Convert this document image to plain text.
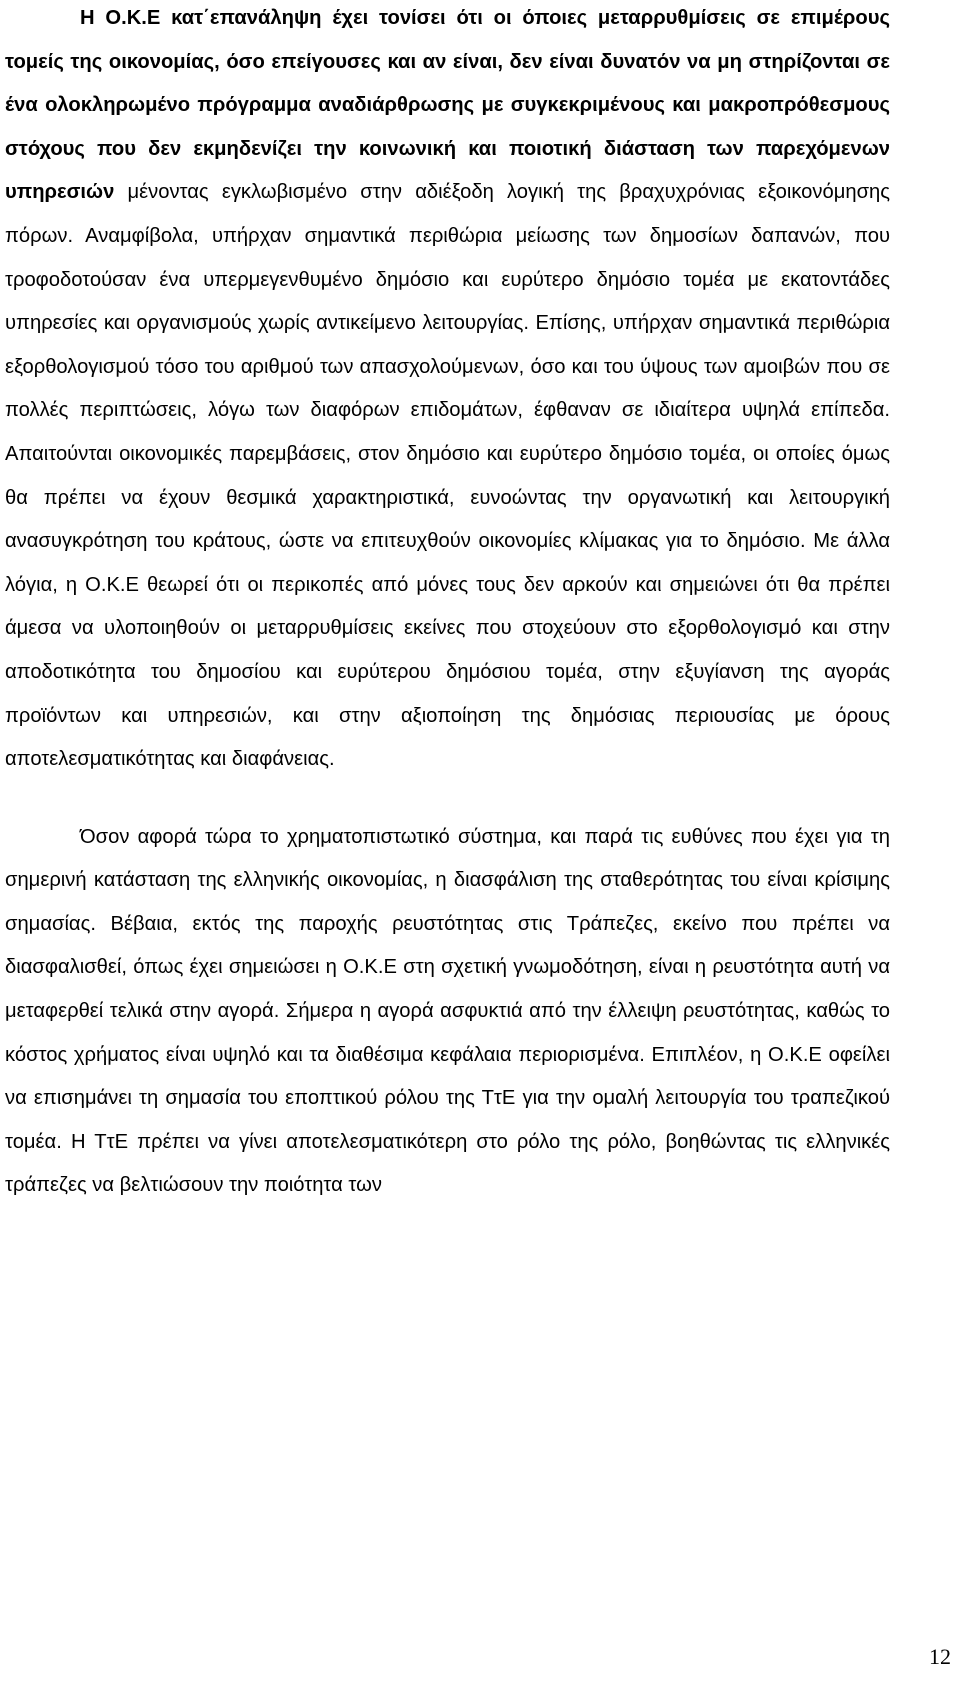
Η Ο.Κ.Ε κατ΄επανάληψη έχει τονίσει ότι οι όποιες μεταρρυθμίσεις σε επιμέρους τομείς της οικονομίας, όσο επείγουσες και αν είναι, δεν είναι δυνατόν να μη στηρίζονται σε ένα ολοκληρωμένο πρόγραμμα αναδιάρθρωσης με συγκεκριμένους και μακροπρόθεσμους στόχους που δεν εκμηδενίζει την κοινωνική και ποιοτική διάσταση των παρεχόμενων υπηρεσιών μένοντας εγκλωβισμένο στην αδιέξοδη λογική της βραχυχρόνιας εξοικονόμησης πόρων. Αναμφίβολα, υπήρχαν σημαντικά περιθώρια μείωσης των δημοσίων δαπανών, που τροφοδοτούσαν ένα υπερμεγενθυμένο δημόσιο και ευρύτερο δημόσιο τομέα με εκατοντάδες υπηρεσίες και οργανισμούς χωρίς αντικείμενο λειτουργίας. Επίσης, υπήρχαν σημαντικά περιθώρια εξορθολογισμού τόσο του αριθμού των απασχολούμενων, όσο και του ύψους των αμοιβών που σε πολλές περιπτώσεις, λόγω των διαφόρων επιδομάτων, έφθαναν σε ιδιαίτερα υψηλά επίπεδα. Απαιτούνται οικονομικές παρεμβάσεις, στον δημόσιο και ευρύτερο δημόσιο τομέα, οι οποίες όμως θα πρέπει να έχουν θεσμικά χαρακτηριστικά, ευνοώντας την οργανωτική και λειτουργική ανασυγκρότηση του κράτους, ώστε να επιτευχθούν οικονομίες κλίμακας για το δημόσιο. Με άλλα λόγια, η Ο.Κ.Ε θεωρεί ότι οι περικοπές από μόνες τους δεν αρκούν και σημειώνει ότι θα πρέπει άμεσα να υλοποιηθούν οι μεταρρυθμίσεις εκείνες που στοχεύουν στο εξορθολογισμό και στην αποδοτικότητα του δημοσίου και ευρύτερου δημόσιου τομέα, στην εξυγίανση της αγοράς προϊόντων και υπηρεσιών, και στην αξιοποίηση της δημόσιας περιουσίας με όρους αποτελεσματικότητας και διαφάνειας.

Όσον αφορά τώρα το χρηματοπιστωτικό σύστημα, και παρά τις ευθύνες που έχει για τη σημερινή κατάσταση της ελληνικής οικονομίας, η διασφάλιση της σταθερότητας του είναι κρίσιμης σημασίας. Βέβαια, εκτός της παροχής ρευστότητας στις Τράπεζες, εκείνο που πρέπει να διασφαλισθεί, όπως έχει σημειώσει η Ο.Κ.Ε στη σχετική γνωμοδότηση, είναι η ρευστότητα αυτή να μεταφερθεί τελικά στην αγορά. Σήμερα η αγορά ασφυκτιά από την έλλειψη ρευστότητας, καθώς το κόστος χρήματος είναι υψηλό και τα διαθέσιμα κεφάλαια περιορισμένα. Επιπλέον, η Ο.Κ.Ε οφείλει να επισημάνει τη σημασία του εποπτικού ρόλου της ΤτΕ για την ομαλή λειτουργία του τραπεζικού τομέα. Η ΤτΕ πρέπει να γίνει αποτελεσματικότερη στο ρόλο της ρόλο, βοηθώντας τις ελληνικές τράπεζες να βελτιώσουν την ποιότητα των

12
